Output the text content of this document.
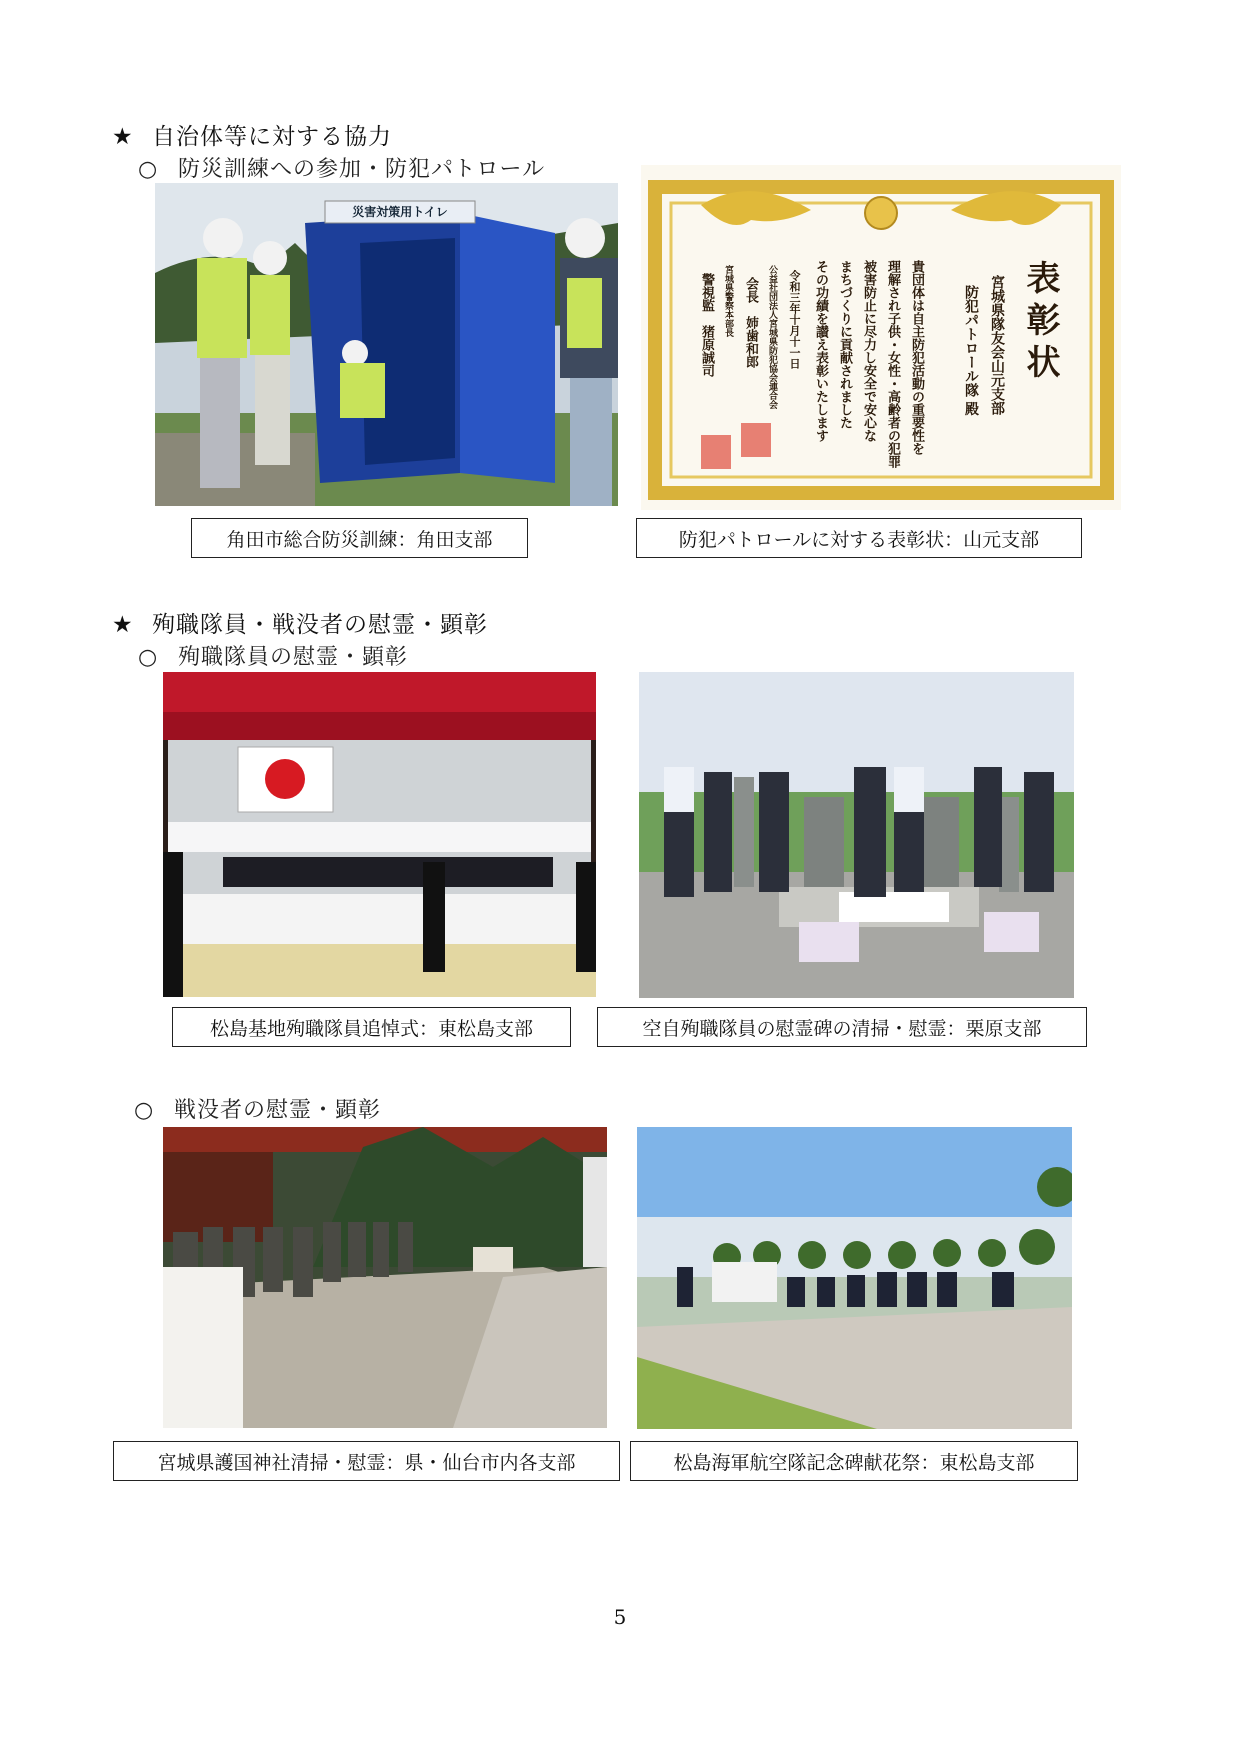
★ 自治体等に対する協力
○ 防災訓練への参加・防犯パトロール
災害対策用トイレ
表彰状
宮城県隊友会山元支部
防犯パトロール隊 殿
貴団体は自主防犯活動の重要性を
理解され子供・女性・高齢者の犯罪
被害防止に尽力し安全で安心な
まちづくりに貢献されました
その功績を讃え表彰いたします
令和三年十月十一日
公益社団法人宮城県防犯協会連合会
会長　姉歯和郎
宮城県警察本部長
警視監　猪原誠司
角田市総合防災訓練：角田支部	防犯パトロールに対する表彰状：山元支部
★ 殉職隊員・戦没者の慰霊・顕彰
○ 殉職隊員の慰霊・顕彰
松島基地殉職隊員追悼式：東松島支部	空自殉職隊員の慰霊碑の清掃・慰霊：栗原支部
○ 戦没者の慰霊・顕彰
宮城県護国神社清掃・慰霊：県・仙台市内各支部	松島海軍航空隊記念碑献花祭：東松島支部
5
